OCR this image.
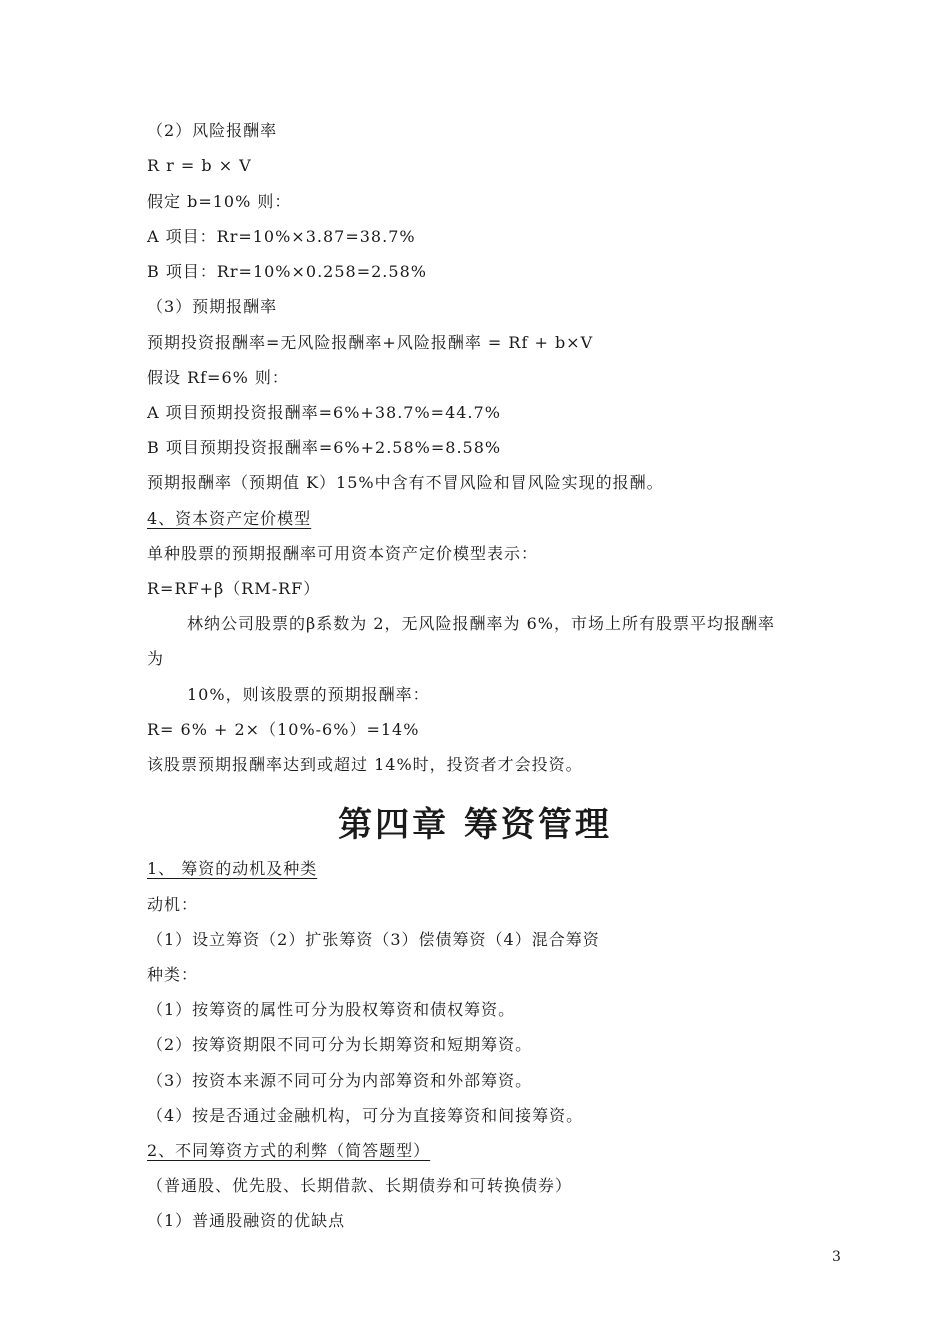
（2）风险报酬率
R r = b × V
假定 b=10% 则：
A 项目：Rr=10%×3.87=38.7%
B 项目：Rr=10%×0.258=2.58%
（3）预期报酬率
预期投资报酬率=无风险报酬率+风险报酬率 = Rf + b×V
假设 Rf=6% 则：
A 项目预期投资报酬率=6%+38.7%=44.7%
B 项目预期投资报酬率=6%+2.58%=8.58%
预期报酬率（预期值 K）15%中含有不冒风险和冒风险实现的报酬。
4、资本资产定价模型
单种股票的预期报酬率可用资本资产定价模型表示：
R=RF+β（RM-RF）
林纳公司股票的β系数为 2，无风险报酬率为 6%，市场上所有股票平均报酬率
为
10%，则该股票的预期报酬率：
R= 6% + 2×（10%-6%）=14%
该股票预期报酬率达到或超过 14%时，投资者才会投资。
第四章 筹资管理
1、 筹资的动机及种类
动机：
（1）设立筹资（2）扩张筹资（3）偿债筹资（4）混合筹资
种类：
（1）按筹资的属性可分为股权筹资和债权筹资。
（2）按筹资期限不同可分为长期筹资和短期筹资。
（3）按资本来源不同可分为内部筹资和外部筹资。
（4）按是否通过金融机构，可分为直接筹资和间接筹资。
2、不同筹资方式的利弊（简答题型）
（普通股、优先股、长期借款、长期债券和可转换债券）
（1）普通股融资的优缺点
3
